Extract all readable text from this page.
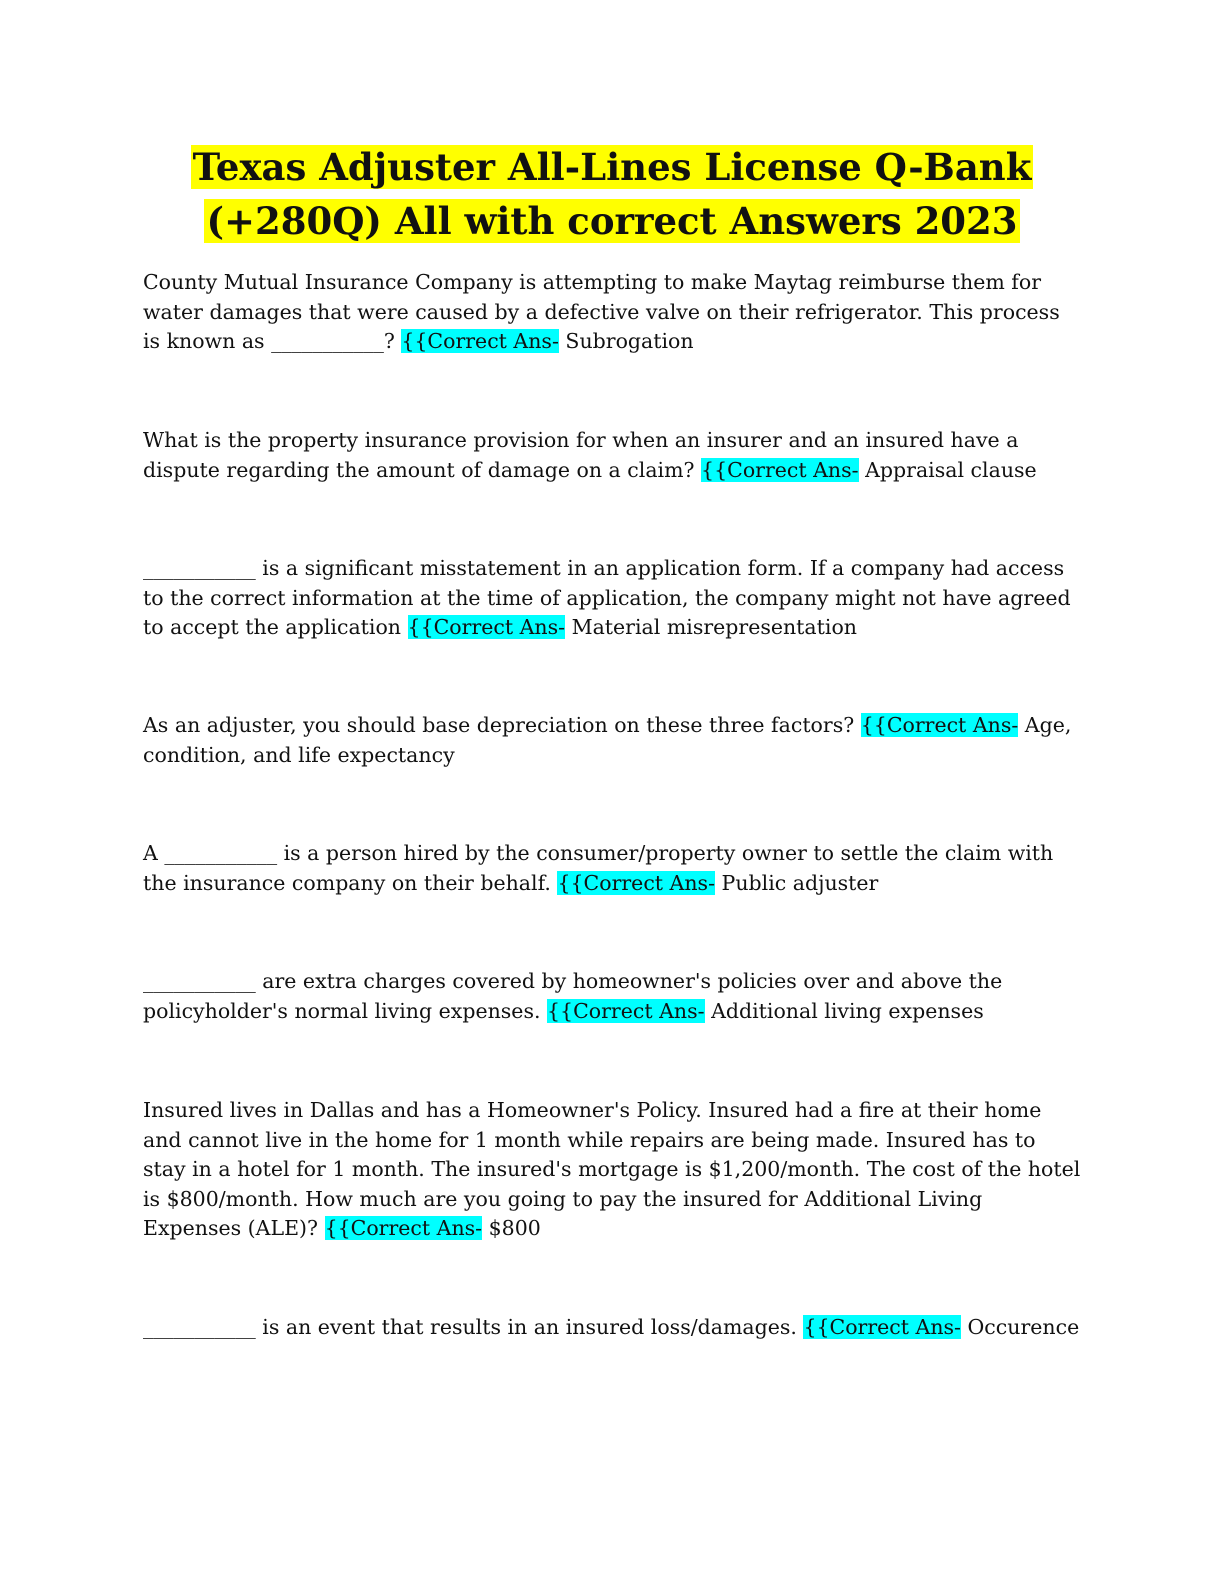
Texas Adjuster All-Lines License Q-Bank
(+280Q) All with correct Answers 2023

County Mutual Insurance Company is attempting to make Maytag reimburse them for water damages that were caused by a defective valve on their refrigerator. This process is known as ___________? {{Correct Ans- Subrogation

What is the property insurance provision for when an insurer and an insured have a dispute regarding the amount of damage on a claim? {{Correct Ans- Appraisal clause

___________ is a significant misstatement in an application form. If a company had access to the correct information at the time of application, the company might not have agreed to accept the application {{Correct Ans- Material misrepresentation

As an adjuster, you should base depreciation on these three factors? {{Correct Ans- Age, condition, and life expectancy

A ___________ is a person hired by the consumer/property owner to settle the claim with the insurance company on their behalf. {{Correct Ans- Public adjuster

___________ are extra charges covered by homeowner's policies over and above the policyholder's normal living expenses. {{Correct Ans- Additional living expenses

Insured lives in Dallas and has a Homeowner's Policy. Insured had a fire at their home and cannot live in the home for 1 month while repairs are being made. Insured has to stay in a hotel for 1 month. The insured's mortgage is $1,200/month. The cost of the hotel is $800/month. How much are you going to pay the insured for Additional Living Expenses (ALE)? {{Correct Ans- $800

___________ is an event that results in an insured loss/damages. {{Correct Ans- Occurence
